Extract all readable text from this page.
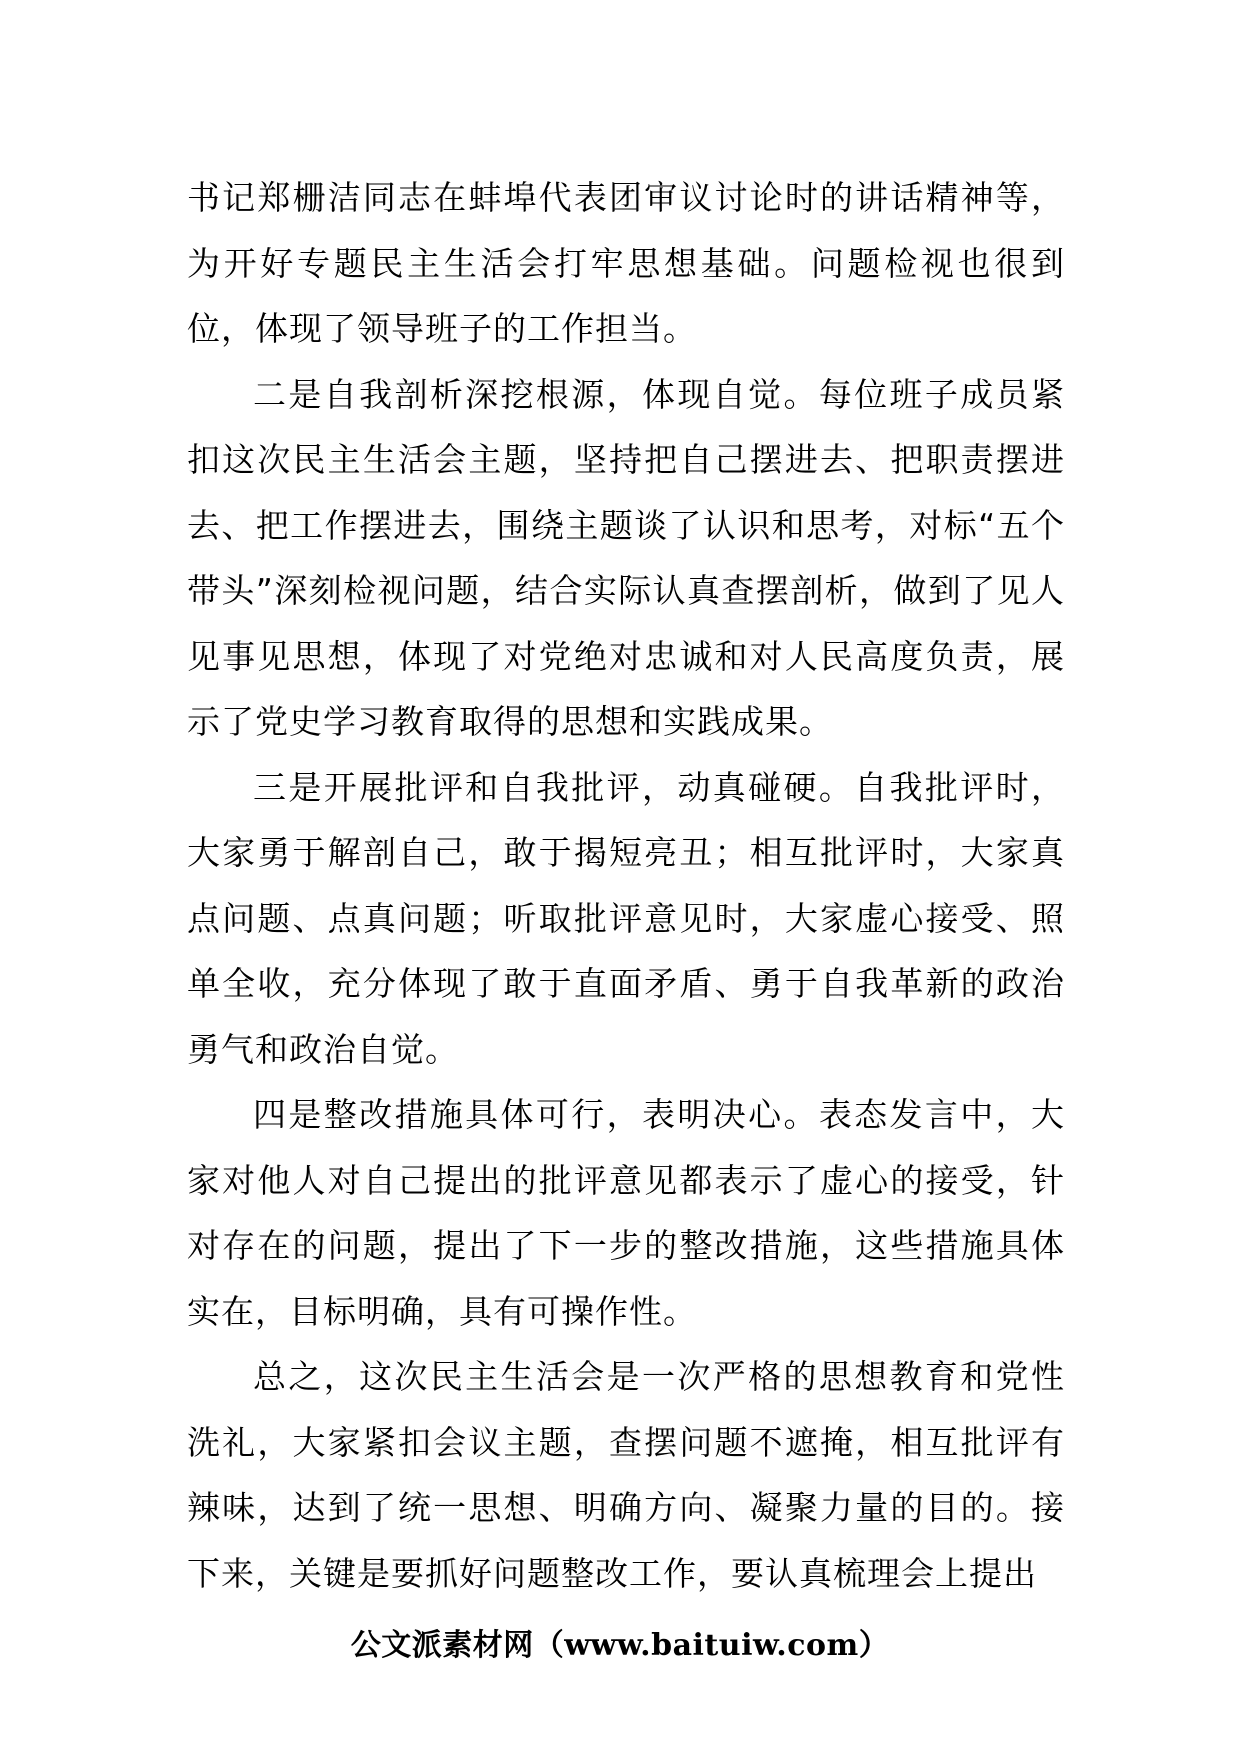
书记郑栅洁同志在蚌埠代表团审议讨论时的讲话精神等，为开好专题民主生活会打牢思想基础。问题检视也很到位，体现了领导班子的工作担当。

二是自我剖析深挖根源，体现自觉。每位班子成员紧扣这次民主生活会主题，坚持把自己摆进去、把职责摆进去、把工作摆进去，围绕主题谈了认识和思考，对标“五个带头”深刻检视问题，结合实际认真查摆剖析，做到了见人见事见思想，体现了对党绝对忠诚和对人民高度负责，展示了党史学习教育取得的思想和实践成果。

三是开展批评和自我批评，动真碰硬。自我批评时，大家勇于解剖自己，敢于揭短亮丑；相互批评时，大家真点问题、点真问题；听取批评意见时，大家虚心接受、照单全收，充分体现了敢于直面矛盾、勇于自我革新的政治勇气和政治自觉。

四是整改措施具体可行，表明决心。表态发言中，大家对他人对自己提出的批评意见都表示了虚心的接受，针对存在的问题，提出了下一步的整改措施，这些措施具体实在，目标明确，具有可操作性。

总之，这次民主生活会是一次严格的思想教育和党性洗礼，大家紧扣会议主题，查摆问题不遮掩，相互批评有辣味，达到了统一思想、明确方向、凝聚力量的目的。接下来，关键是要抓好问题整改工作，要认真梳理会上提出

公文派素材网（www.baituiw.com）
